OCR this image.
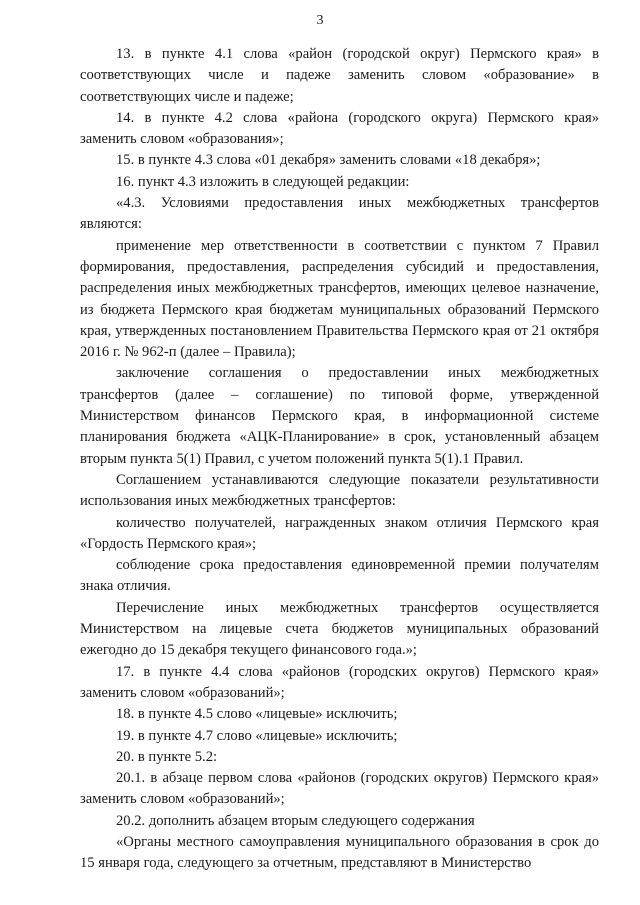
3

13. в пункте 4.1 слова «район (городской округ) Пермского края» в соответствующих числе и падеже заменить словом «образование» в соответствующих числе и падеже;

14. в пункте 4.2 слова «района (городского округа) Пермского края» заменить словом «образования»;

15. в пункте 4.3 слова «01 декабря» заменить словами «18 декабря»;

16. пункт 4.3 изложить в следующей редакции:

«4.3. Условиями предоставления иных межбюджетных трансфертов являются:

применение мер ответственности в соответствии с пунктом 7 Правил формирования, предоставления, распределения субсидий и предоставления, распределения иных межбюджетных трансфертов, имеющих целевое назначение, из бюджета Пермского края бюджетам муниципальных образований Пермского края, утвержденных постановлением Правительства Пермского края от 21 октября 2016 г. № 962-п (далее – Правила);

заключение соглашения о предоставлении иных межбюджетных трансфертов (далее – соглашение) по типовой форме, утвержденной Министерством финансов Пермского края, в информационной системе планирования бюджета «АЦК-Планирование» в срок, установленный абзацем вторым пункта 5(1) Правил, с учетом положений пункта 5(1).1 Правил.

Соглашением устанавливаются следующие показатели результативности использования иных межбюджетных трансфертов:

количество получателей, награжденных знаком отличия Пермского края «Гордость Пермского края»;

соблюдение срока предоставления единовременной премии получателям знака отличия.

Перечисление иных межбюджетных трансфертов осуществляется Министерством на лицевые счета бюджетов муниципальных образований ежегодно до 15 декабря текущего финансового года.»;

17. в пункте 4.4 слова «районов (городских округов) Пермского края» заменить словом «образований»;

18. в пункте 4.5 слово «лицевые» исключить;

19. в пункте 4.7 слово «лицевые» исключить;

20. в пункте 5.2:

20.1. в абзаце первом слова «районов (городских округов) Пермского края» заменить словом «образований»;

20.2. дополнить абзацем вторым следующего содержания

«Органы местного самоуправления муниципального образования в срок до 15 января года, следующего за отчетным, представляют в Министерство
